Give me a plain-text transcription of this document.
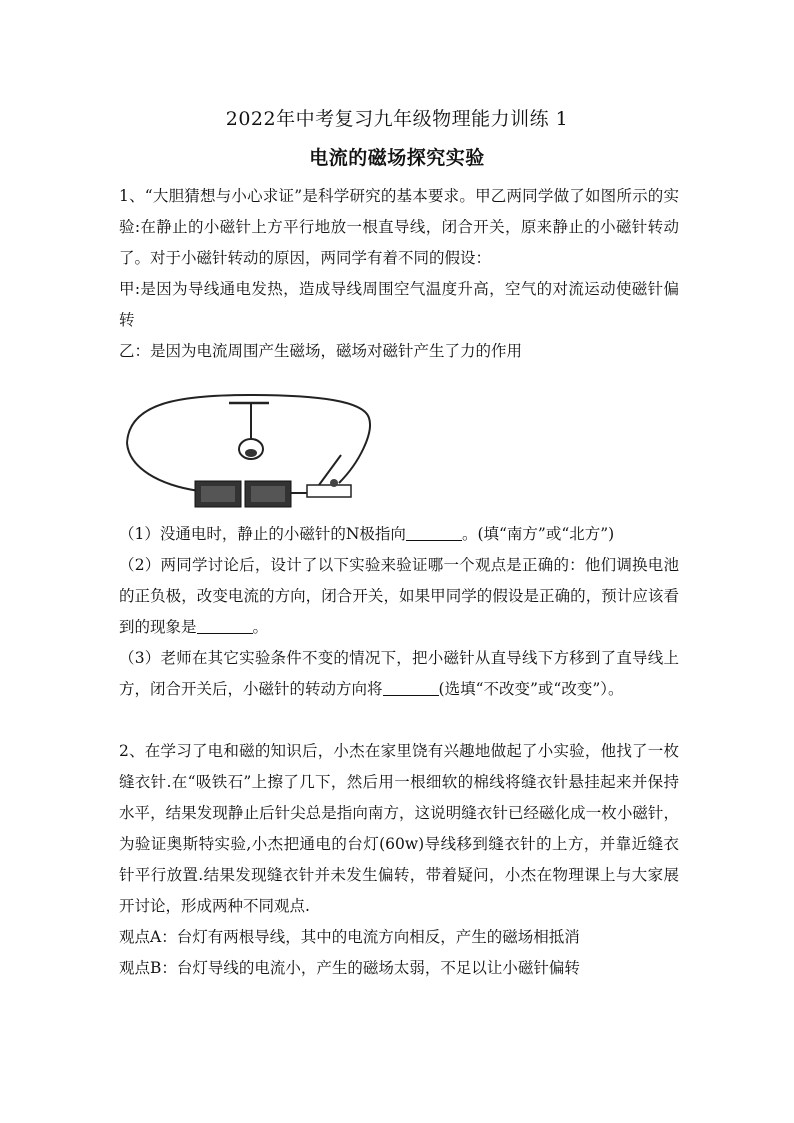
2022年中考复习九年级物理能力训练 1
电流的磁场探究实验

1、“大胆猜想与小心求证”是科学研究的基本要求。甲乙两同学做了如图所示的实验:在静止的小磁针上方平行地放一根直导线，闭合开关，原来静止的小磁针转动了。对于小磁针转动的原因，两同学有着不同的假设：

甲:是因为导线通电发热，造成导线周围空气温度升高，空气的对流运动使磁针偏转

乙：是因为电流周围产生磁场，磁场对磁针产生了力的作用

（1）没通电时，静止的小磁针的N极指向	。(填“南方”或“北方”)

（2）两同学讨论后，设计了以下实验来验证哪一个观点是正确的：他们调换电池的正负极，改变电流的方向，闭合开关，如果甲同学的假设是正确的，预计应该看到的现象是	。

（3）老师在其它实验条件不变的情况下，把小磁针从直导线下方移到了直导线上方，闭合开关后，小磁针的转动方向将	(选填“不改变”或“改变”）。

2、在学习了电和磁的知识后，小杰在家里饶有兴趣地做起了小实验，他找了一枚缝衣针.在“吸铁石”上擦了几下，然后用一根细软的棉线将缝衣针悬挂起来并保持水平，结果发现静止后针尖总是指向南方，这说明缝衣针已经磁化成一枚小磁针， 为验证奥斯特实验,小杰把通电的台灯(60w)导线移到缝衣针的上方，并靠近缝衣针平行放置.结果发现缝衣针并未发生偏转，带着疑问，小杰在物理课上与大家展开讨论，形成两种不同观点.

观点A：台灯有两根导线，其中的电流方向相反，产生的磁场相抵消

观点B：台灯导线的电流小，产生的磁场太弱，不足以让小磁针偏转
